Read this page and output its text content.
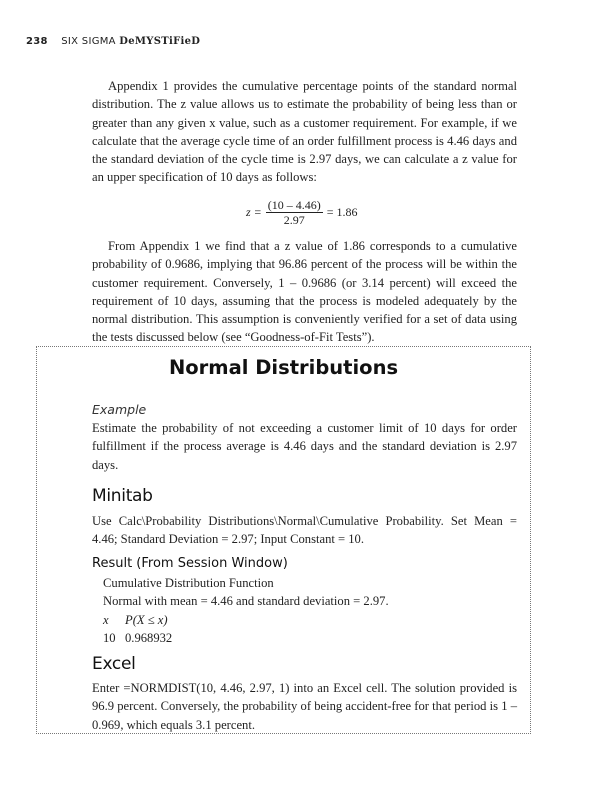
238 SIX SIGMA DeMYSTiFieD
Appendix 1 provides the cumulative percentage points of the standard normal distribution. The z value allows us to estimate the probability of being less than or greater than any given x value, such as a customer requirement. For example, if we calculate that the average cycle time of an order fulfillment process is 4.46 days and the standard deviation of the cycle time is 2.97 days, we can calculate a z value for an upper specification of 10 days as follows:
$z = \frac{(10 - 4.46)}{2.97} = 1.86$
From Appendix 1 we find that a z value of 1.86 corresponds to a cumulative probability of 0.9686, implying that 96.86 percent of the process will be within the customer requirement. Conversely, 1 – 0.9686 (or 3.14 percent) will exceed the requirement of 10 days, assuming that the process is modeled adequately by the normal distribution. This assumption is conveniently verified for a set of data using the tests discussed below (see “Goodness-of-Fit Tests”).
Normal Distributions
Example
Estimate the probability of not exceeding a customer limit of 10 days for order fulfillment if the process average is 4.46 days and the standard deviation is 2.97 days.
Minitab
Use Calc\Probability Distributions\Normal\Cumulative Probability. Set Mean = 4.46; Standard Deviation = 2.97; Input Constant = 10.
Result (From Session Window)
Cumulative Distribution Function
Normal with mean = 4.46 and standard deviation = 2.97.
x	P(X ≤ x)
10 0.968932
Excel
Enter =NORMDIST(10, 4.46, 2.97, 1) into an Excel cell. The solution provided is 96.9 percent. Conversely, the probability of being accident-free for that period is 1 – 0.969, which equals 3.1 percent.
